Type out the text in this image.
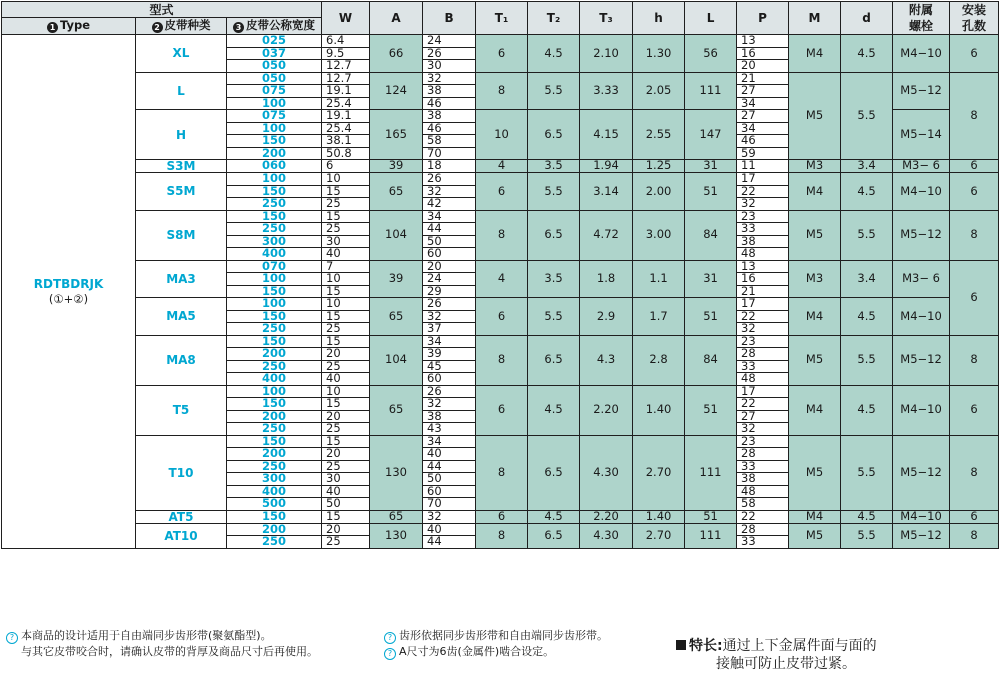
型式			W	A	B	T₁	T₂	T₃	h	L	P	M	d	附属
螺栓	安装
孔数
1 Type	2 皮带种类	3 皮带公称宽度													
RDTBDRJK
(①+②)	XL	025	6.4	66	24	6	4.5	2.10	1.30	56	13	M4	4.5	M4−10	6
		037	9.5		26						16				
		050	12.7		30						20				
	L	050	12.7	124	32	8	5.5	3.33	2.05	111	21	M5	5.5	M5−12	8
		075	19.1		38						27				
		100	25.4		46						34				
	H	075	19.1	165	38	10	6.5	4.15	2.55	147	27			M5−14	
		100	25.4		46						34				
		150	38.1		58						46				
		200	50.8		70						59				
	S3M	060	6	39	18	4	3.5	1.94	1.25	31	11	M3	3.4	M3− 6	6
	S5M	100	10	65	26	6	5.5	3.14	2.00	51	17	M4	4.5	M4−10	6
		150	15		32						22				
		250	25		42						32				
	S8M	150	15	104	34	8	6.5	4.72	3.00	84	23	M5	5.5	M5−12	8
		250	25		44						33				
		300	30		50						38				
		400	40		60						48				
	MA3	070	7	39	20	4	3.5	1.8	1.1	31	13	M3	3.4	M3− 6	6
		100	10		24						16				
		150	15		29						21				
	MA5	100	10	65	26	6	5.5	2.9	1.7	51	17	M4	4.5	M4−10	
		150	15		32						22				
		250	25		37						32				
	MA8	150	15	104	34	8	6.5	4.3	2.8	84	23	M5	5.5	M5−12	8
		200	20		39						28				
		250	25		45						33				
		400	40		60						48				
	T5	100	10	65	26	6	4.5	2.20	1.40	51	17	M4	4.5	M4−10	6
		150	15		32						22				
		200	20		38						27				
		250	25		43						32				
	T10	150	15	130	34	8	6.5	4.30	2.70	111	23	M5	5.5	M5−12	8
		200	20		40						28				
		250	25		44						33				
		300	30		50						38				
		400	40		60						48				
		500	50		70						58				
	AT5	150	15	65	32	6	4.5	2.20	1.40	51	22	M4	4.5	M4−10	6
	AT10	200	20	130	40	8	6.5	4.30	2.70	111	28	M5	5.5	M5−12	8
		250	25		44						33				
? 本商品的设计适用于自由端同步齿形带(聚氨酯型)。
与其它皮带咬合时，请确认皮带的背厚及商品尺寸后再使用。
? 齿形依据同步齿形带和自由端同步齿形带。
? A尺寸为6齿(金属件)啮合设定。	特长:通过上下金属件面与面的
接触可防止皮带过紧。
